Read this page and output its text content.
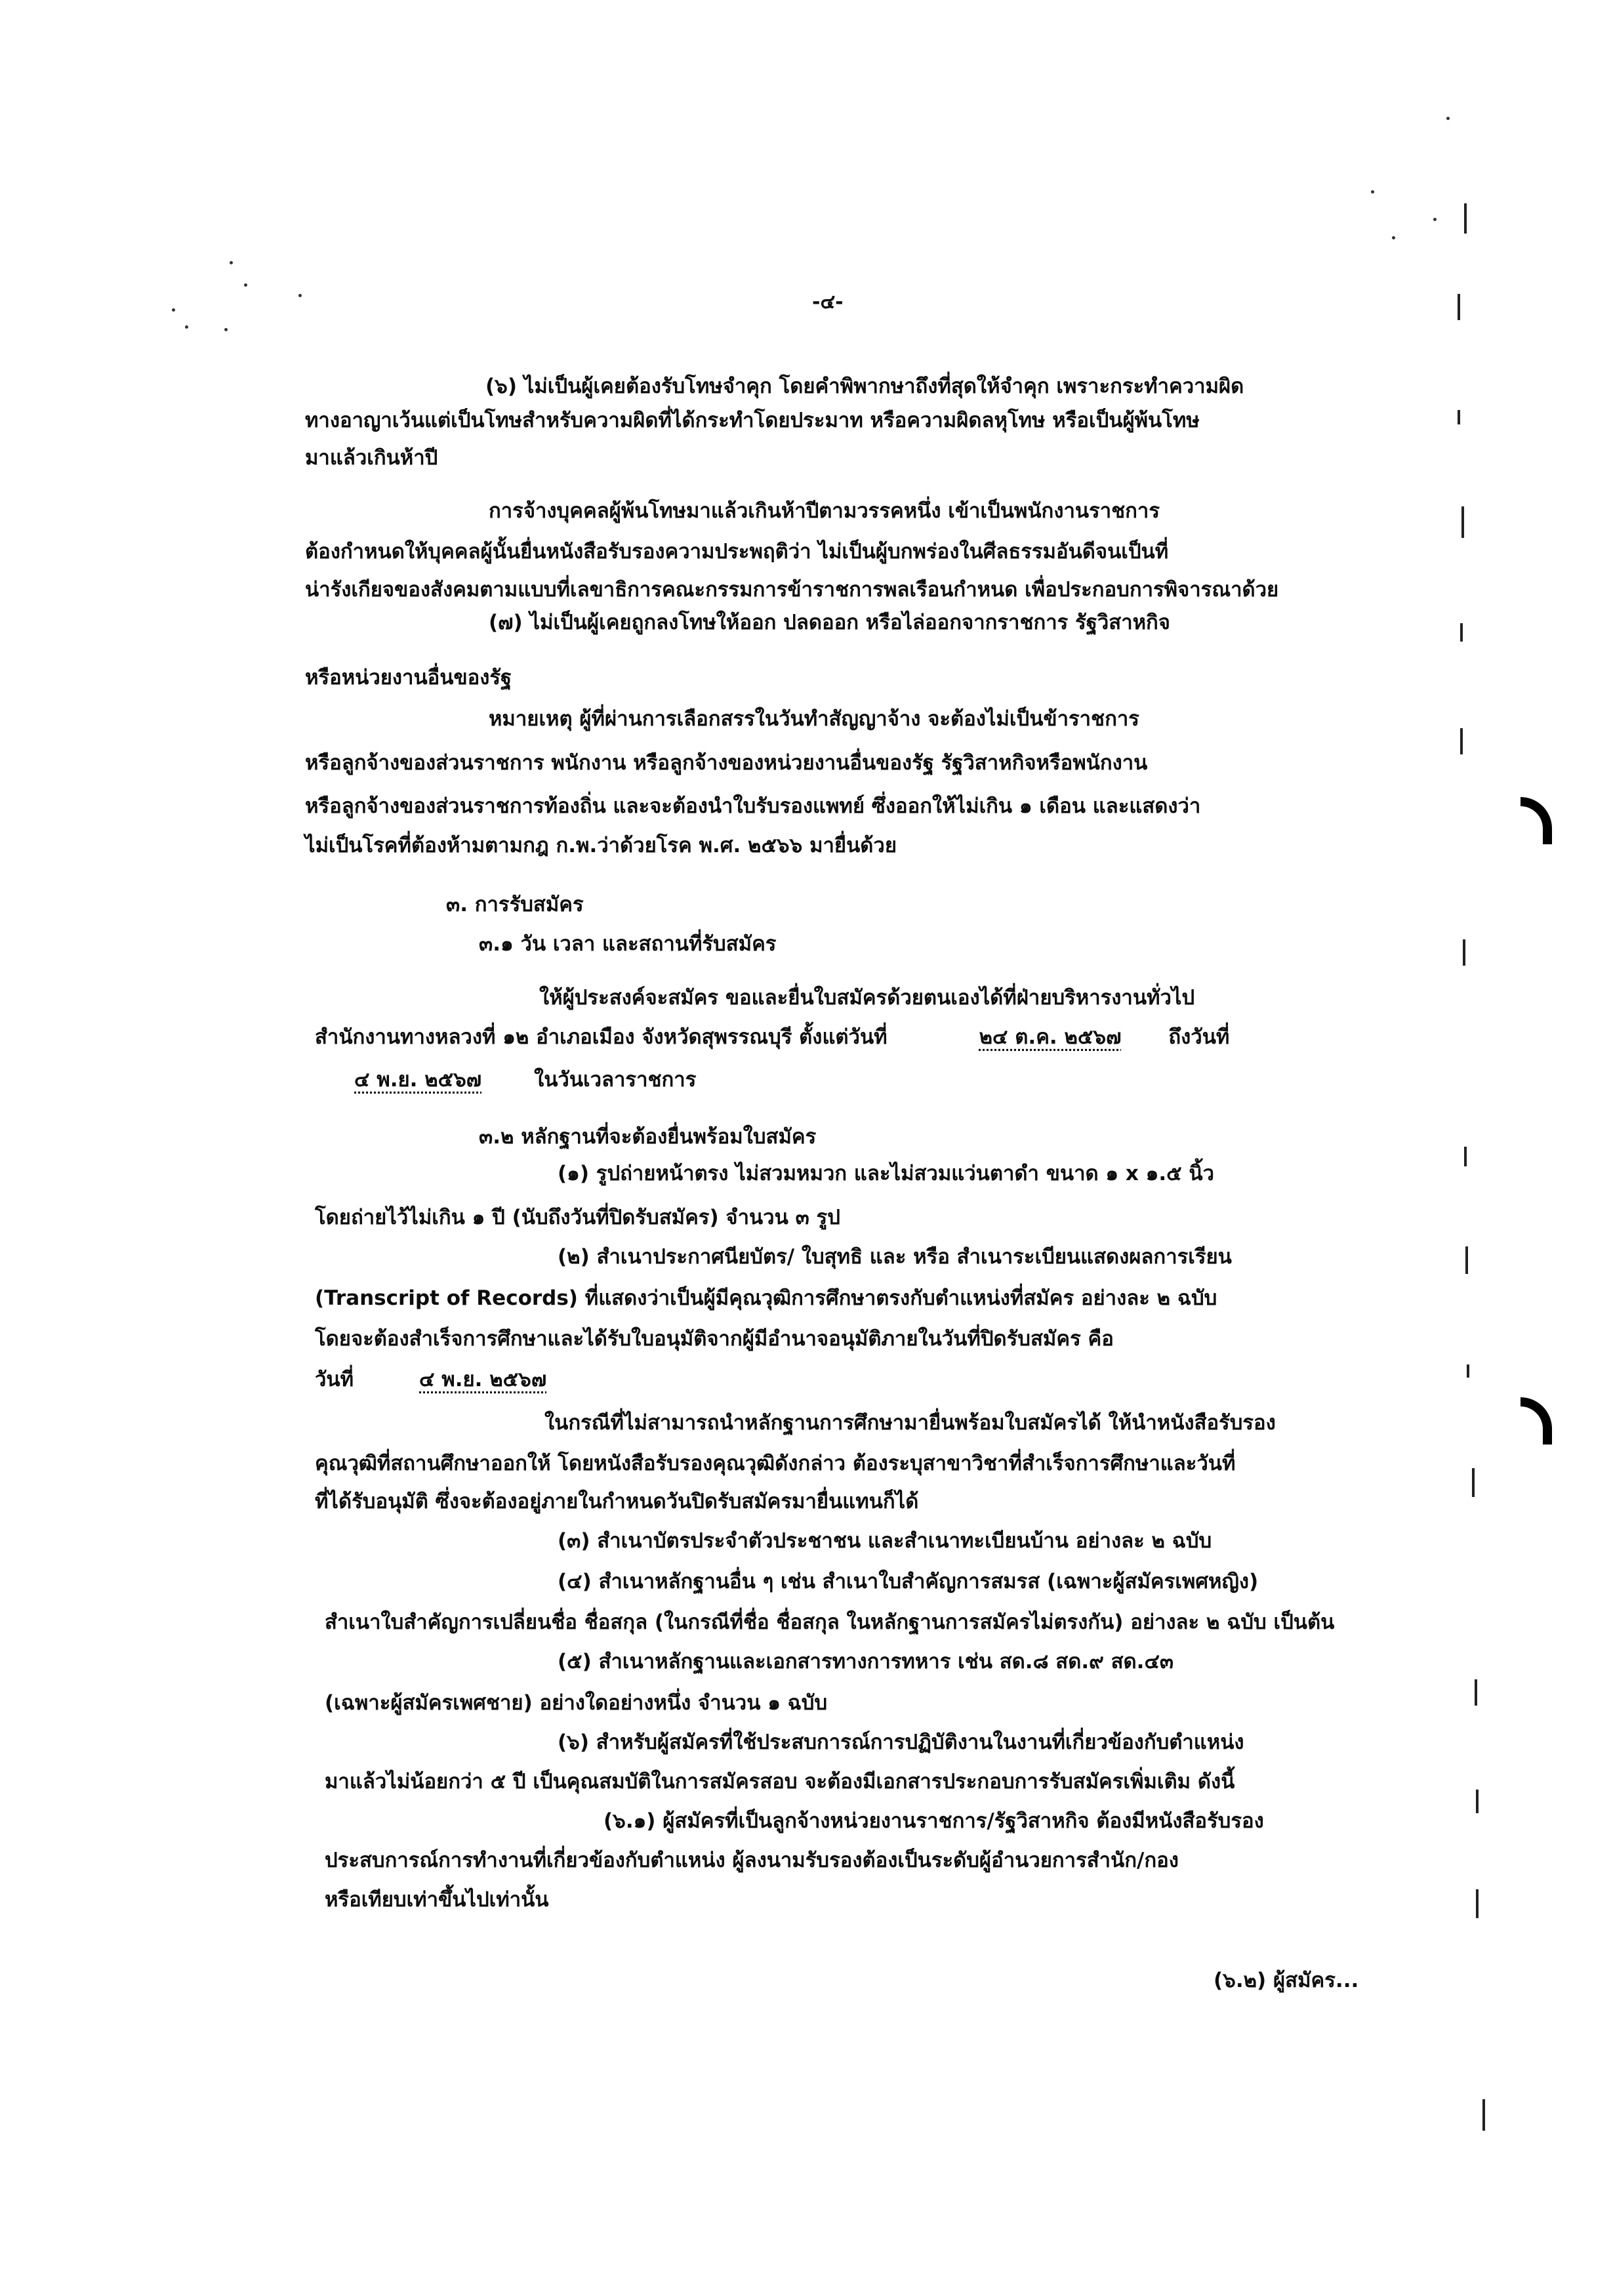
-๔-
(๖) ไม่เป็นผู้เคยต้องรับโทษจำคุก โดยคำพิพากษาถึงที่สุดให้จำคุก เพราะกระทำความผิด
ทางอาญาเว้นแต่เป็นโทษสำหรับความผิดที่ได้กระทำโดยประมาท หรือความผิดลหุโทษ หรือเป็นผู้พ้นโทษ
มาแล้วเกินห้าปี
การจ้างบุคคลผู้พ้นโทษมาแล้วเกินห้าปีตามวรรคหนึ่ง เข้าเป็นพนักงานราชการ
ต้องกำหนดให้บุคคลผู้นั้นยื่นหนังสือรับรองความประพฤติว่า ไม่เป็นผู้บกพร่องในศีลธรรมอันดีจนเป็นที่
น่ารังเกียจของสังคมตามแบบที่เลขาธิการคณะกรรมการข้าราชการพลเรือนกำหนด เพื่อประกอบการพิจารณาด้วย
(๗) ไม่เป็นผู้เคยถูกลงโทษให้ออก ปลดออก หรือไล่ออกจากราชการ รัฐวิสาหกิจ
หรือหน่วยงานอื่นของรัฐ
หมายเหตุ ผู้ที่ผ่านการเลือกสรรในวันทำสัญญาจ้าง จะต้องไม่เป็นข้าราชการ
หรือลูกจ้างของส่วนราชการ พนักงาน หรือลูกจ้างของหน่วยงานอื่นของรัฐ รัฐวิสาหกิจหรือพนักงาน
หรือลูกจ้างของส่วนราชการท้องถิ่น และจะต้องนำใบรับรองแพทย์ ซึ่งออกให้ไม่เกิน ๑ เดือน และแสดงว่า
ไม่เป็นโรคที่ต้องห้ามตามกฎ ก.พ.ว่าด้วยโรค พ.ศ. ๒๕๖๖ มายื่นด้วย
๓. การรับสมัคร
๓.๑ วัน เวลา และสถานที่รับสมัคร
ให้ผู้ประสงค์จะสมัคร ขอและยื่นใบสมัครด้วยตนเองได้ที่ฝ่ายบริหารงานทั่วไป
สำนักงานทางหลวงที่ ๑๒ อำเภอเมือง จังหวัดสุพรรณบุรี ตั้งแต่วันที่	๒๔ ต.ค. ๒๕๖๗ ถึงวันที่
๔ พ.ย. ๒๕๖๗	ในวันเวลาราชการ
๓.๒ หลักฐานที่จะต้องยื่นพร้อมใบสมัคร
(๑) รูปถ่ายหน้าตรง ไม่สวมหมวก และไม่สวมแว่นตาดำ ขนาด ๑ x ๑.๕ นิ้ว
โดยถ่ายไว้ไม่เกิน ๑ ปี (นับถึงวันที่ปิดรับสมัคร) จำนวน ๓ รูป
(๒) สำเนาประกาศนียบัตร/ ใบสุทธิ และ หรือ สำเนาระเบียนแสดงผลการเรียน
(Transcript of Records) ที่แสดงว่าเป็นผู้มีคุณวุฒิการศึกษาตรงกับตำแหน่งที่สมัคร อย่างละ ๒ ฉบับ
โดยจะต้องสำเร็จการศึกษาและได้รับใบอนุมัติจากผู้มีอำนาจอนุมัติภายในวันที่ปิดรับสมัคร คือ
วันที่	๔ พ.ย. ๒๕๖๗
ในกรณีที่ไม่สามารถนำหลักฐานการศึกษามายื่นพร้อมใบสมัครได้ ให้นำหนังสือรับรอง
คุณวุฒิที่สถานศึกษาออกให้ โดยหนังสือรับรองคุณวุฒิดังกล่าว ต้องระบุสาขาวิชาที่สำเร็จการศึกษาและวันที่
ที่ได้รับอนุมัติ ซึ่งจะต้องอยู่ภายในกำหนดวันปิดรับสมัครมายื่นแทนก็ได้
(๓) สำเนาบัตรประจำตัวประชาชน และสำเนาทะเบียนบ้าน อย่างละ ๒ ฉบับ
(๔) สำเนาหลักฐานอื่น ๆ เช่น สำเนาใบสำคัญการสมรส (เฉพาะผู้สมัครเพศหญิง)
สำเนาใบสำคัญการเปลี่ยนชื่อ ชื่อสกุล (ในกรณีที่ชื่อ ชื่อสกุล ในหลักฐานการสมัครไม่ตรงกัน) อย่างละ ๒ ฉบับ เป็นต้น
(๕) สำเนาหลักฐานและเอกสารทางการทหาร เช่น สด.๘ สด.๙ สด.๔๓
(เฉพาะผู้สมัครเพศชาย) อย่างใดอย่างหนึ่ง จำนวน ๑ ฉบับ
(๖) สำหรับผู้สมัครที่ใช้ประสบการณ์การปฏิบัติงานในงานที่เกี่ยวข้องกับตำแหน่ง
มาแล้วไม่น้อยกว่า ๕ ปี เป็นคุณสมบัติในการสมัครสอบ จะต้องมีเอกสารประกอบการรับสมัครเพิ่มเติม ดังนี้
(๖.๑) ผู้สมัครที่เป็นลูกจ้างหน่วยงานราชการ/รัฐวิสาหกิจ ต้องมีหนังสือรับรอง
ประสบการณ์การทำงานที่เกี่ยวข้องกับตำแหน่ง ผู้ลงนามรับรองต้องเป็นระดับผู้อำนวยการสำนัก/กอง
หรือเทียบเท่าขึ้นไปเท่านั้น
(๖.๒) ผู้สมัคร...
